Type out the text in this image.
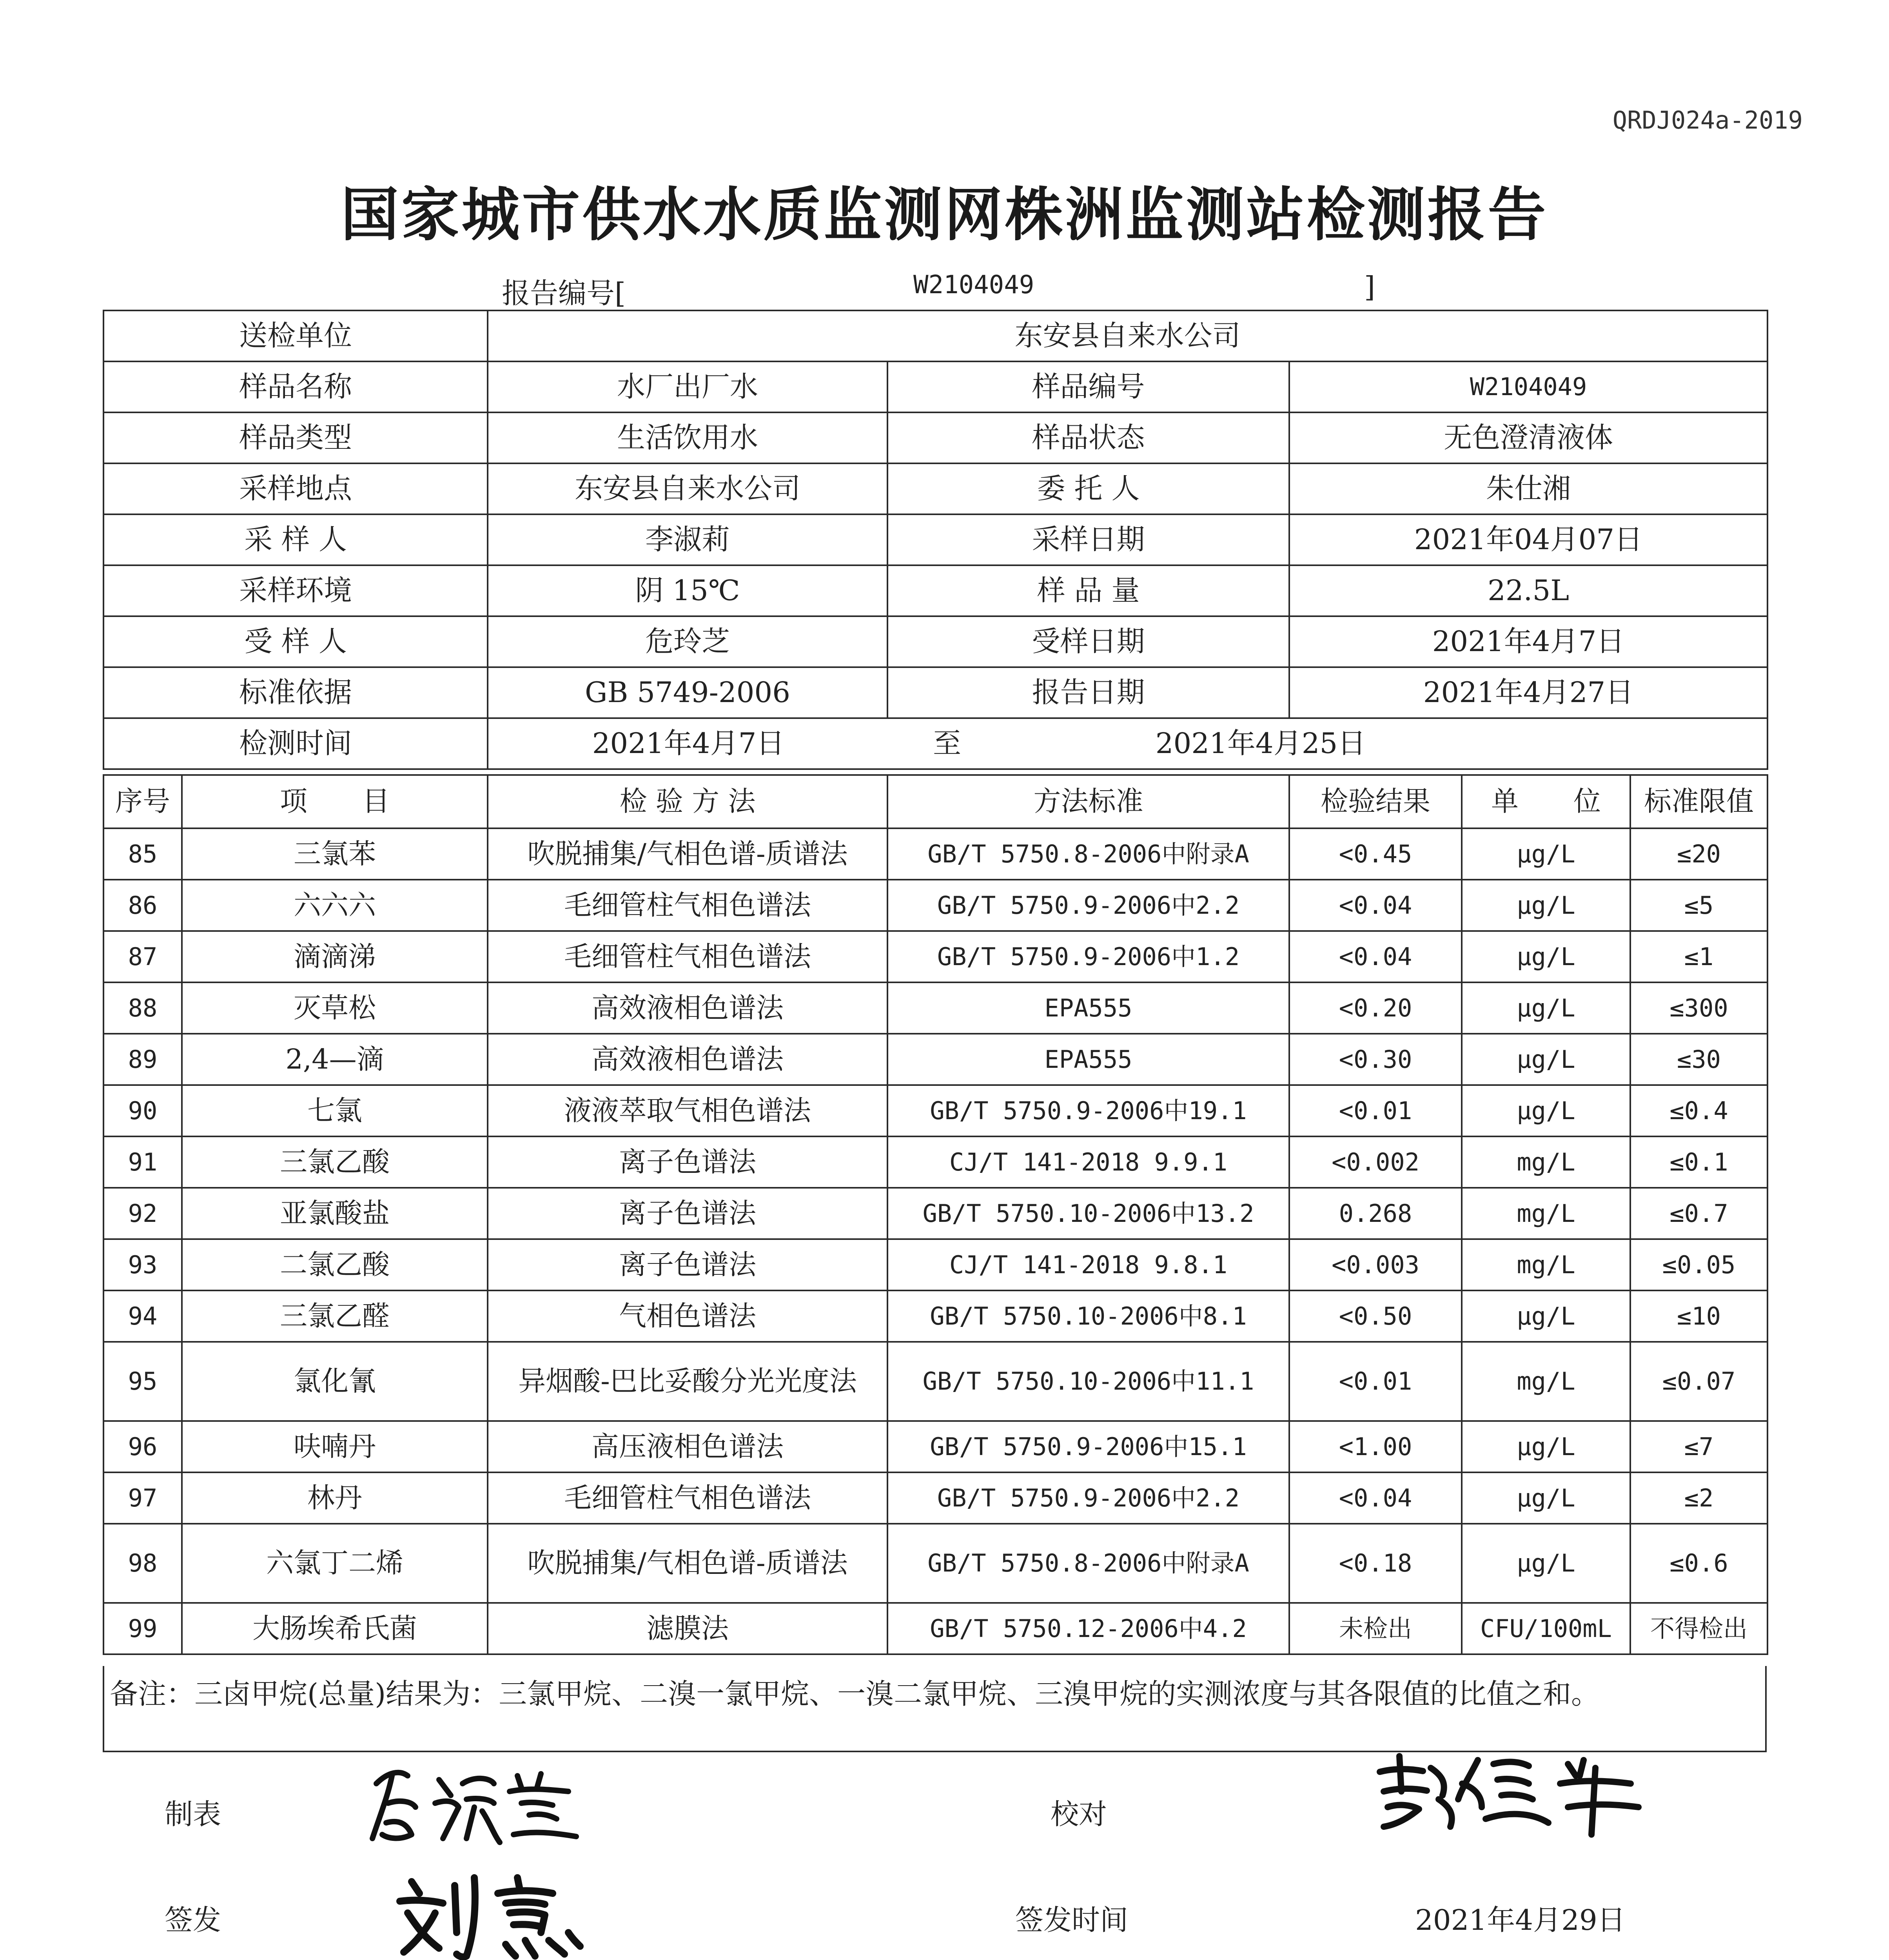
QRDJ024a-2019
国家城市供水水质监测网株洲监测站检测报告
报告编号[	W2104049	]
送检单位	东安县自来水公司		
样品名称	水厂出厂水	样品编号	W2104049
样品类型	生活饮用水	样品状态	无色澄清液体
采样地点	东安县自来水公司	委 托 人	朱仕湘
采 样 人	李淑莉	采样日期	2021年04月07日
采样环境	阴 15℃	样 品 量	22.5L
受 样 人	危玲芝	受样日期	2021年4月7日
标准依据	GB 5749-2006	报告日期	2021年4月27日
检测时间	2021年4月7日 至 2021年4月25日		
序号	项　　目	检 验 方 法	方法标准	检验结果	单　　位	标准限值
85	三氯苯	吹脱捕集/气相色谱-质谱法	GB/T 5750.8-2006中附录A	<0.45	μg/L	≤20
86	六六六	毛细管柱气相色谱法	GB/T 5750.9-2006中2.2	<0.04	μg/L	≤5
87	滴滴涕	毛细管柱气相色谱法	GB/T 5750.9-2006中1.2	<0.04	μg/L	≤1
88	灭草松	高效液相色谱法	EPA555	<0.20	μg/L	≤300
89	2,4—滴	高效液相色谱法	EPA555	<0.30	μg/L	≤30
90	七氯	液液萃取气相色谱法	GB/T 5750.9-2006中19.1	<0.01	μg/L	≤0.4
91	三氯乙酸	离子色谱法	CJ/T 141-2018 9.9.1	<0.002	mg/L	≤0.1
92	亚氯酸盐	离子色谱法	GB/T 5750.10-2006中13.2	0.268	mg/L	≤0.7
93	二氯乙酸	离子色谱法	CJ/T 141-2018 9.8.1	<0.003	mg/L	≤0.05
94	三氯乙醛	气相色谱法	GB/T 5750.10-2006中8.1	<0.50	μg/L	≤10
95	氯化氰	异烟酸-巴比妥酸分光光度法	GB/T 5750.10-2006中11.1	<0.01	mg/L	≤0.07
96	呋喃丹	高压液相色谱法	GB/T 5750.9-2006中15.1	<1.00	μg/L	≤7
97	林丹	毛细管柱气相色谱法	GB/T 5750.9-2006中2.2	<0.04	μg/L	≤2
98	六氯丁二烯	吹脱捕集/气相色谱-质谱法	GB/T 5750.8-2006中附录A	<0.18	μg/L	≤0.6
99	大肠埃希氏菌	滤膜法	GB/T 5750.12-2006中4.2	未检出	CFU/100mL	不得检出
备注：三卤甲烷(总量)结果为：三氯甲烷、二溴一氯甲烷、一溴二氯甲烷、三溴甲烷的实测浓度与其各限值的比值之和。
制表	校对
签发	签发时间	2021年4月29日
